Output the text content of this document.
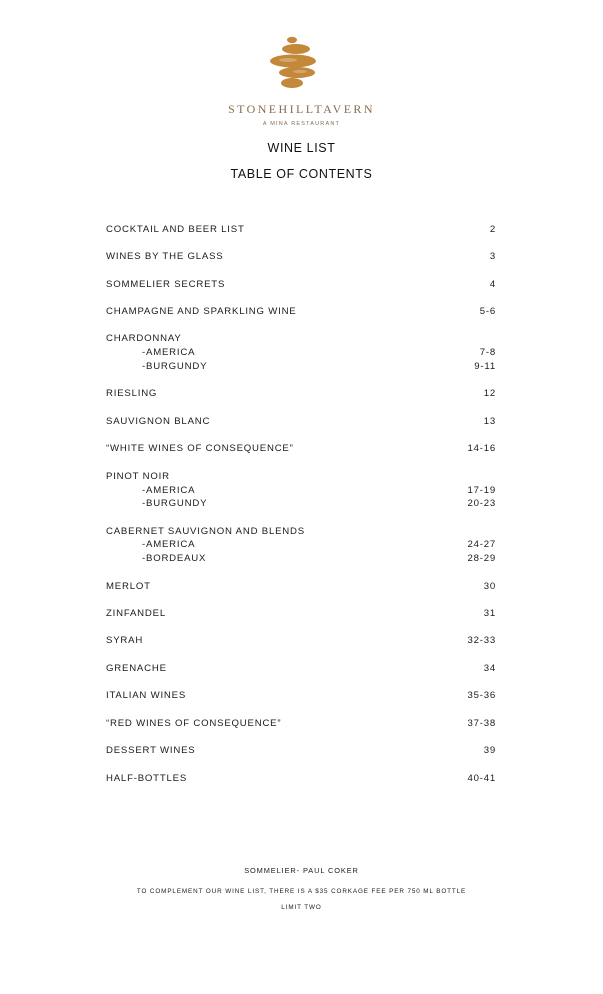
STONEHILLTAVERN
A MINA RESTAURANT
WINE LIST
TABLE OF CONTENTS
COCKTAIL AND BEER LIST	2
WINES BY THE GLASS	3
SOMMELIER SECRETS	4
CHAMPAGNE AND SPARKLING WINE	5-6
CHARDONNAY
-AMERICA	7-8
-BURGUNDY	9-11
RIESLING	12
SAUVIGNON BLANC	13
“WHITE WINES OF CONSEQUENCE”	14-16
PINOT NOIR
-AMERICA	17-19
-BURGUNDY	20-23
CABERNET SAUVIGNON AND BLENDS
-AMERICA	24-27
-BORDEAUX	28-29
MERLOT	30
ZINFANDEL	31
SYRAH	32-33
GRENACHE	34
ITALIAN WINES	35-36
“RED WINES OF CONSEQUENCE”	37-38
DESSERT WINES	39
HALF-BOTTLES	40-41
SOMMELIER- PAUL COKER
TO COMPLEMENT OUR WINE LIST, THERE IS A $35 CORKAGE FEE PER 750 ML BOTTLE
LIMIT TWO
